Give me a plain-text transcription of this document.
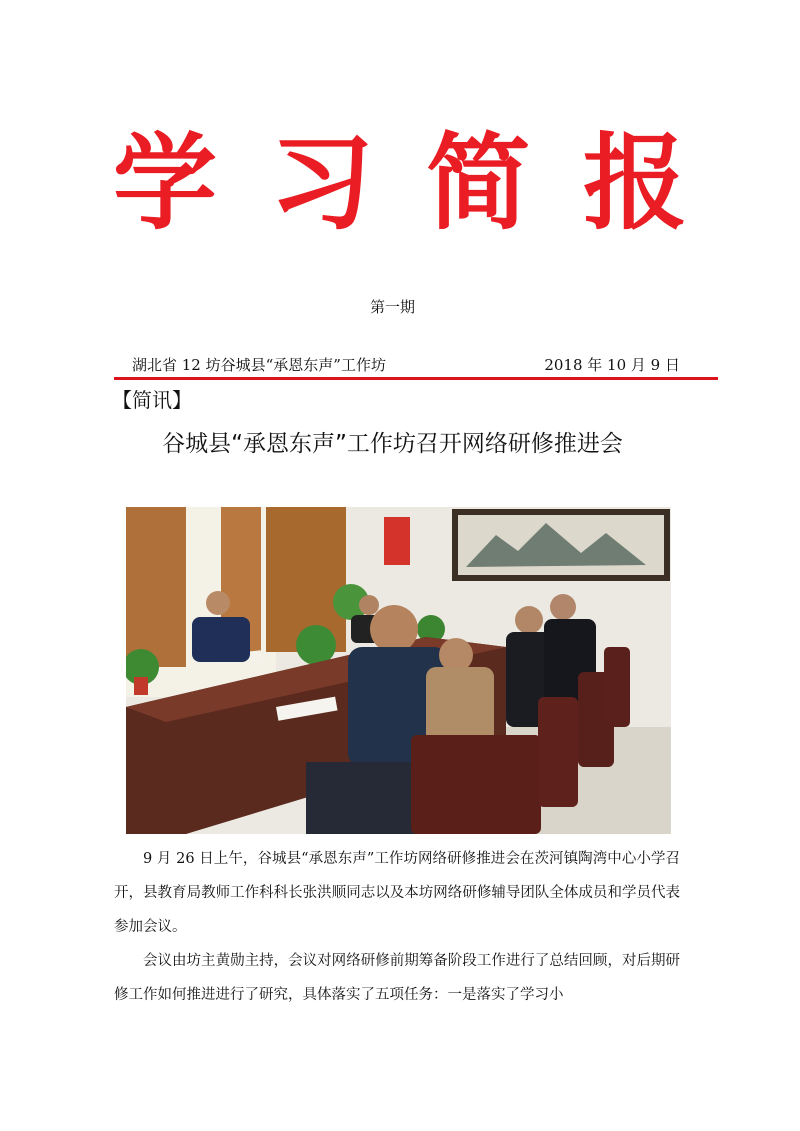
学 习 简 报
第一期
湖北省 12 坊谷城县“承恩东声”工作坊	2018 年 10 月 9 日
【简讯】
谷城县“承恩东声”工作坊召开网络研修推进会

9 月 26 日上午，谷城县“承恩东声”工作坊网络研修推进会在茨河镇陶湾中心小学召开，县教育局教师工作科科长张洪顺同志以及本坊网络研修辅导团队全体成员和学员代表参加会议。

会议由坊主黄勋主持，会议对网络研修前期筹备阶段工作进行了总结回顾，对后期研修工作如何推进进行了研究，具体落实了五项任务：一是落实了学习小
